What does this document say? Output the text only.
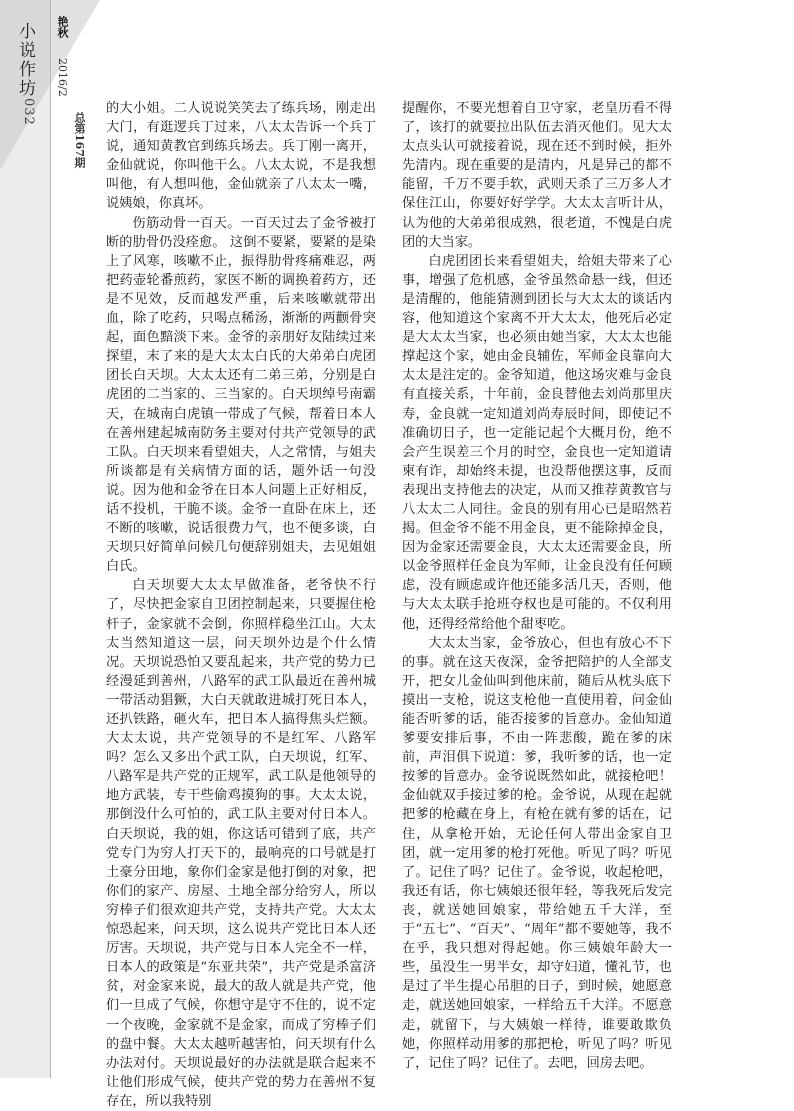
小说作坊
032
艳秋
2016/2
总第167期

的大小姐。二人说说笑笑去了练兵场，刚走出大门，有逛逻兵丁过来，八太太告诉一个兵丁说，通知黄教官到练兵场去。兵丁刚一离开，金仙就说，你叫他干么。八太太说，不是我想叫他，有人想叫他，金仙就亲了八太太一嘴，说姨娘，你真坏。

伤筋动骨一百天。一百天过去了金爷被打断的肋骨仍没痊愈。 这倒不要紧，要紧的是染上了风寒，咳嗽不止，振得肋骨疼痛难忍，两把药壶轮番煎药，家医不断的调换着药方，还是不见效，反而越发严重，后来咳嗽就带出血，除了吃药，只喝点稀汤，渐渐的两颧骨突起，面色黯淡下来。金爷的亲朋好友陆续过来探望，末了来的是大太太白氏的大弟弟白虎团团长白天坝。大太太还有二弟三弟，分别是白虎团的二当家的、三当家的。白天坝绰号南霸天，在城南白虎镇一带成了气候，帮着日本人在善州建起城南防务主要对付共产党领导的武工队。白天坝来看望姐夫，人之常情，与姐夫所谈都是有关病情方面的话，题外话一句没说。因为他和金爷在日本人问题上正好相反，话不投机，干脆不谈。金爷一直卧在床上，还不断的咳嗽，说话很费力气，也不便多谈，白天坝只好简单问候几句便辞别姐夫，去见姐姐白氏。

白天坝要大太太早做准备，老爷快不行了，尽快把金家自卫团控制起来，只要握住枪杆子，金家就不会倒，你照样稳坐江山。大太太当然知道这一层，问天坝外边是个什么情况。天坝说恐怕又要乱起来，共产党的势力已经漫延到善州，八路军的武工队最近在善州城一带活动猖獗，大白天就敢进城打死日本人，还扒铁路，砸火车，把日本人搞得焦头烂额。大太太说，共产党领导的不是红军、八路军吗？怎么又多出个武工队，白天坝说，红军、八路军是共产党的正规军，武工队是他领导的地方武装，专干些偷鸡摸狗的事。大太太说，那倒没什么可怕的，武工队主要对付日本人。白天坝说，我的姐，你这话可错到了底，共产党专门为穷人打天下的，最响亮的口号就是打土豪分田地，象你们金家是他打倒的对象，把你们的家产、房屋、土地全部分给穷人，所以穷棒子们很欢迎共产党，支持共产党。大太太惊恐起来，问天坝，这么说共产党比日本人还厉害。天坝说，共产党与日本人完全不一样，日本人的政策是“东亚共荣”，共产党是杀富济贫，对金家来说，最大的敌人就是共产党，他们一旦成了气候，你想守是守不住的，说不定一个夜晚，金家就不是金家，而成了穷棒子们的盘中餐。大太太越听越害怕，问天坝有什么办法对付。天坝说最好的办法就是联合起来不让他们形成气候，使共产党的势力在善州不复存在，所以我特别

提醒你，不要光想着自卫守家，老皇历看不得了，该打的就要拉出队伍去消灭他们。见大太太点头认可就接着说，现在还不到时候，拒外先清内。现在重要的是清内，凡是异己的都不能留，千万不要手软，武则天杀了三万多人才保住江山，你要好好学学。大太太言听计从，认为他的大弟弟很成熟，很老道，不愧是白虎团的大当家。

白虎团团长来看望姐夫，给姐夫带来了心事，增强了危机感，金爷虽然命悬一线，但还是清醒的，他能猜测到团长与大太太的谈话内容，他知道这个家离不开大太太，他死后必定是大太太当家，也必须由她当家，大太太也能撑起这个家，她由金良辅佐，军师金良靠向大太太是注定的。金爷知道，他这场灾难与金良有直接关系，十年前，金良替他去刘尚那里庆寿，金良就一定知道刘尚寿辰时间，即使记不准确切日子，也一定能记起个大概月份，绝不会产生误差三个月的时空，金良也一定知道请柬有诈，却始终未提，也没帮他摆这事，反而表现出支持他去的决定，从而又推荐黄教官与八太太二人同往。金良的别有用心已是昭然若揭。但金爷不能不用金良，更不能除掉金良，因为金家还需要金良，大太太还需要金良，所以金爷照样任金良为军师，让金良没有任何顾虑，没有顾虑或许他还能多活几天，否则，他与大太太联手抢班夺权也是可能的。不仅利用他，还得经常给他个甜枣吃。

大太太当家，金爷放心，但也有放心不下的事。就在这天夜深，金爷把陪护的人全部支开，把女儿金仙叫到他床前，随后从枕头底下摸出一支枪，说这支枪他一直使用着，问金仙能否听爹的话，能否接爹的旨意办。金仙知道爹要安排后事，不由一阵悲酸，跪在爹的床前，声泪俱下说道：爹，我听爹的话，也一定按爹的旨意办。金爷说既然如此，就接枪吧！金仙就双手接过爹的枪。金爷说，从现在起就把爹的枪藏在身上，有枪在就有爹的话在，记住，从拿枪开始，无论任何人带出金家自卫团，就一定用爹的枪打死他。听见了吗？听见了。记住了吗？记住了。金爷说，收起枪吧，我还有话，你七姨娘还很年轻，等我死后发完丧，就送她回娘家，带给她五千大洋，至于“五七”、“百天”、“周年”都不要她等，我不在乎，我只想对得起她。你三姨娘年龄大一些，虽没生一男半女，却守妇道，懂礼节，也是过了半生提心吊胆的日子，到时候，她愿意走，就送她回娘家，一样给五千大洋。不愿意走，就留下，与大姨娘一样待，谁要敢欺负她，你照样动用爹的那把枪，听见了吗？听见了，记住了吗？记住了。去吧，回房去吧。
